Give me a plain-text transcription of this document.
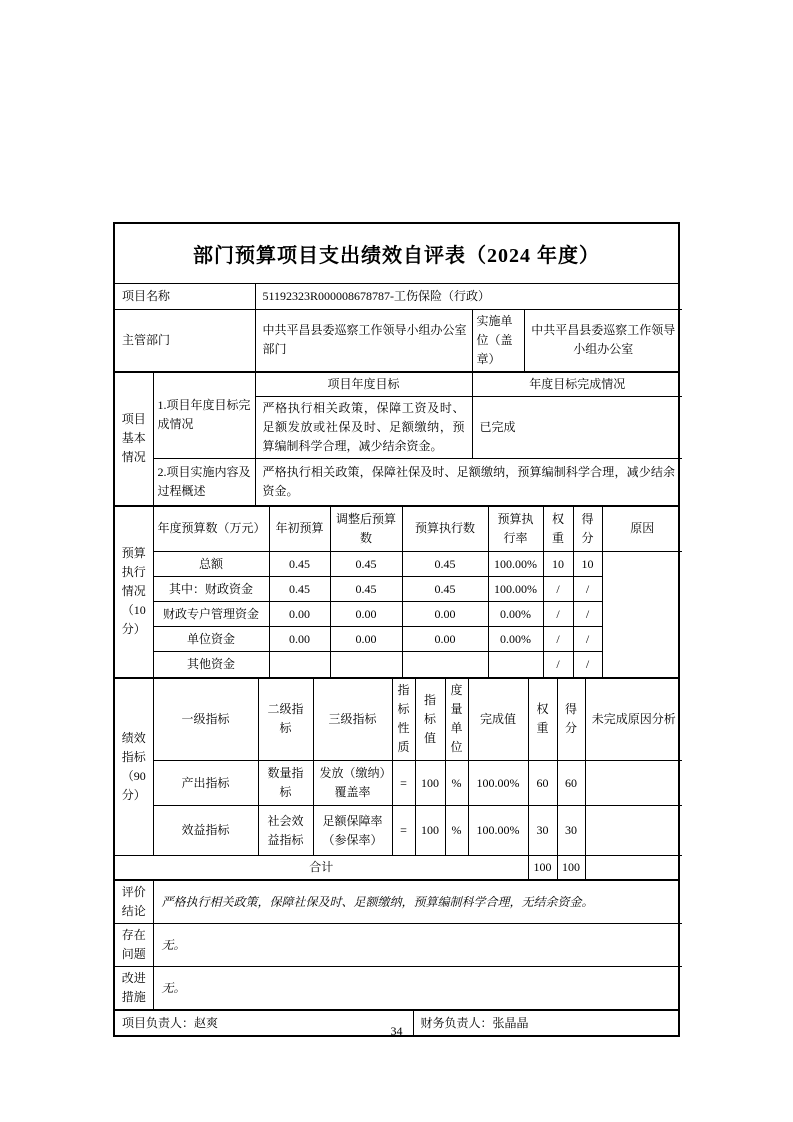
部门预算项目支出绩效自评表（2024 年度）
项目名称	51192323R000008678787-工伤保险（行政）		
主管部门	中共平昌县委巡察工作领导小组办公室部门	实施单位（盖章）	中共平昌县委巡察工作领导小组办公室
项目基本情况	1.项目年度目标完成情况	项目年度目标	年度目标完成情况
		严格执行相关政策，保障工资及时、足额发放或社保及时、足额缴纳，预算编制科学合理，减少结余资金。	已完成
	2.项目实施内容及过程概述	严格执行相关政策，保障社保及时、足额缴纳，预算编制科学合理，减少结余资金。	
预算执行情况（10分）	年度预算数（万元）	年初预算	调整后预算数	预算执行数	预算执行率	权重	得分	原因
	总额	0.45	0.45	0.45	100.00%	10	10	
	其中：财政资金	0.45	0.45	0.45	100.00%	/	/	
	财政专户管理资金	0.00	0.00	0.00	0.00%	/	/	
	单位资金	0.00	0.00	0.00	0.00%	/	/	
	其他资金					/	/	
绩效指标（90分）	一级指标	二级指标	三级指标	指标性质	指标值	度量单位	完成值	权重	得分	未完成原因分析
	产出指标	数量指标	发放（缴纳）覆盖率	=	100	%	100.00%	60	60	
	效益指标	社会效益指标	足额保障率（参保率）	=	100	%	100.00%	30	30	
合计								100	100	
评价结论	严格执行相关政策，保障社保及时、足额缴纳，预算编制科学合理，无结余资金。
存在问题	无。
改进措施	无。
项目负责人：赵爽	财务负责人：张晶晶
34
